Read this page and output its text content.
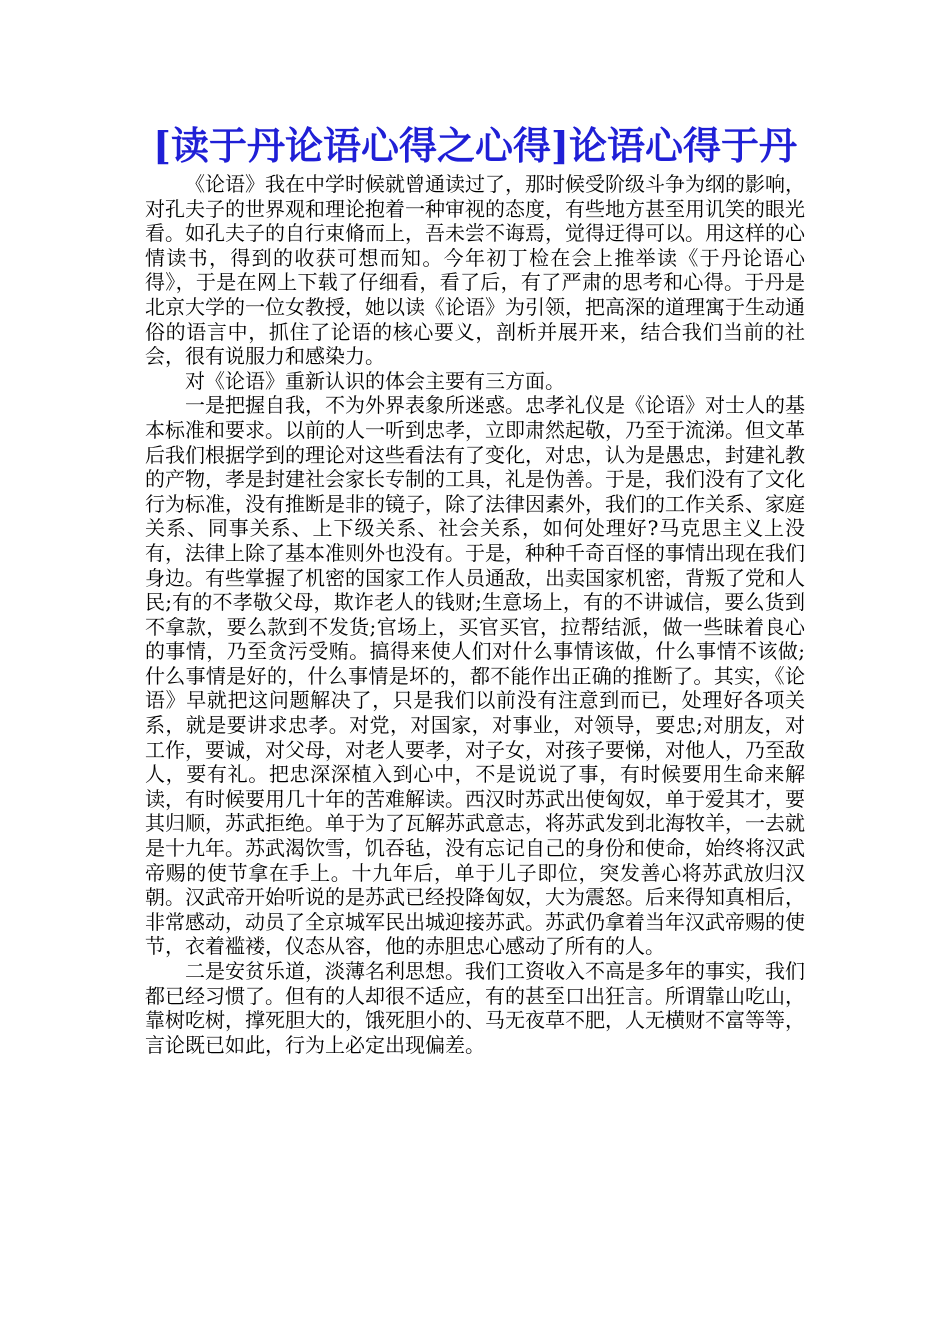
[读于丹论语心得之心得]论语心得于丹

《论语》我在中学时候就曾通读过了，那时候受阶级斗争为纲的影响，对孔夫子的世界观和理论抱着一种审视的态度，有些地方甚至用讥笑的眼光看。如孔夫子的自行束脩而上，吾未尝不诲焉，觉得迂得可以。用这样的心情读书，得到的收获可想而知。今年初丁检在会上推举读《于丹论语心得》，于是在网上下载了仔细看，看了后，有了严肃的思考和心得。于丹是北京大学的一位女教授，她以读《论语》为引领，把高深的道理寓于生动通俗的语言中，抓住了论语的核心要义，剖析并展开来，结合我们当前的社会，很有说服力和感染力。

对《论语》重新认识的体会主要有三方面。

一是把握自我，不为外界表象所迷惑。忠孝礼仪是《论语》对士人的基本标准和要求。以前的人一听到忠孝，立即肃然起敬，乃至于流涕。但文革后我们根据学到的理论对这些看法有了变化，对忠，认为是愚忠，封建礼教的产物，孝是封建社会家长专制的工具，礼是伪善。于是，我们没有了文化行为标准，没有推断是非的镜子，除了法律因素外，我们的工作关系、家庭关系、同事关系、上下级关系、社会关系，如何处理好?马克思主义上没有，法律上除了基本准则外也没有。于是，种种千奇百怪的事情出现在我们身边。有些掌握了机密的国家工作人员通敌，出卖国家机密，背叛了党和人民;有的不孝敬父母，欺诈老人的钱财;生意场上，有的不讲诚信，要么货到不拿款，要么款到不发货;官场上，买官买官，拉帮结派，做一些昧着良心的事情，乃至贪污受贿。搞得来使人们对什么事情该做，什么事情不该做;什么事情是好的，什么事情是坏的，都不能作出正确的推断了。其实，《论语》早就把这问题解决了，只是我们以前没有注意到而已，处理好各项关系，就是要讲求忠孝。对党，对国家，对事业，对领导，要忠;对朋友，对工作，要诚，对父母，对老人要孝，对子女，对孩子要悌，对他人，乃至敌人，要有礼。把忠深深植入到心中，不是说说了事，有时候要用生命来解读，有时候要用几十年的苦难解读。西汉时苏武出使匈奴，单于爱其才，要其归顺，苏武拒绝。单于为了瓦解苏武意志，将苏武发到北海牧羊，一去就是十九年。苏武渴饮雪，饥吞毡，没有忘记自己的身份和使命，始终将汉武帝赐的使节拿在手上。十九年后，单于儿子即位，突发善心将苏武放归汉朝。汉武帝开始听说的是苏武已经投降匈奴，大为震怒。后来得知真相后，非常感动，动员了全京城军民出城迎接苏武。苏武仍拿着当年汉武帝赐的使节，衣着褴褛，仪态从容，他的赤胆忠心感动了所有的人。

二是安贫乐道，淡薄名利思想。我们工资收入不高是多年的事实，我们都已经习惯了。但有的人却很不适应，有的甚至口出狂言。所谓靠山吃山，靠树吃树，撑死胆大的，饿死胆小的、马无夜草不肥，人无横财不富等等，言论既已如此，行为上必定出现偏差。
